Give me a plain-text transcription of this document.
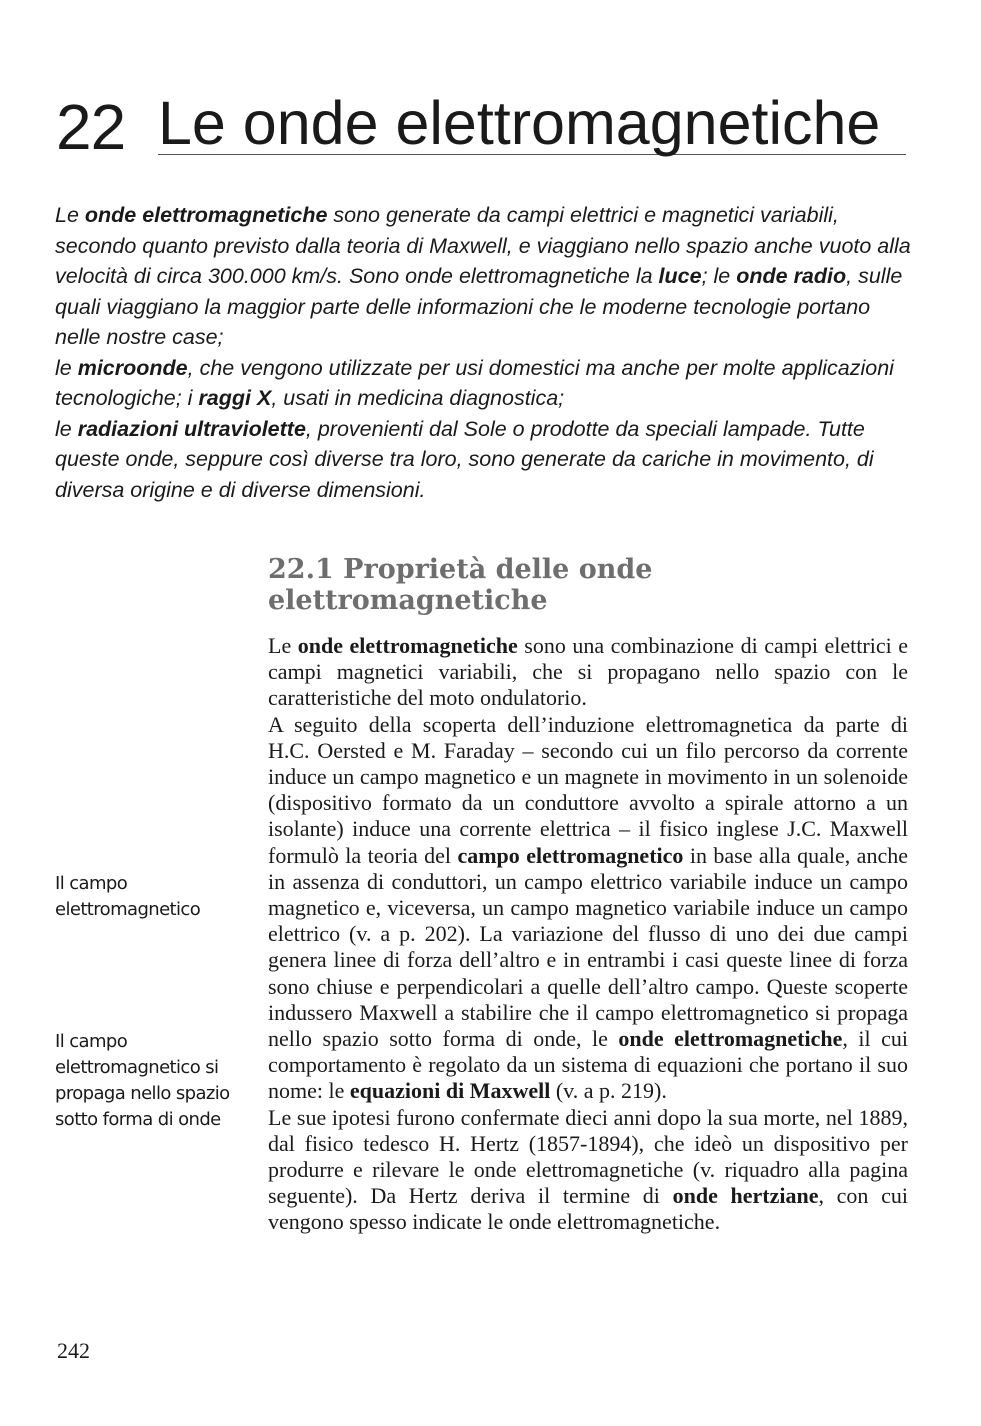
22 Le onde elettromagnetiche
Le onde elettromagnetiche sono generate da campi elettrici e magnetici variabili, secondo quanto previsto dalla teoria di Maxwell, e viaggiano nello spazio anche vuoto alla velocità di circa 300.000 km/s. Sono onde elettromagnetiche la luce; le onde radio, sulle quali viaggiano la maggior parte delle informazioni che le moderne tecnologie portano nelle nostre case;
le microonde, che vengono utilizzate per usi domestici ma anche per molte applicazioni tecnologiche; i raggi X, usati in medicina diagnostica;
le radiazioni ultraviolette, provenienti dal Sole o prodotte da speciali lampade. Tutte queste onde, seppure così diverse tra loro, sono generate da cariche in movimento, di diversa origine e di diverse dimensioni.
22.1 Proprietà delle onde
elettromagnetiche

Le onde elettromagnetiche sono una combinazione di campi elettrici e campi magnetici variabili, che si propagano nello spazio con le caratteristiche del moto ondulatorio.

A seguito della scoperta dell’induzione elettromagnetica da parte di H.C. Oersted e M. Faraday – secondo cui un filo percorso da corrente induce un campo magnetico e un magnete in movimento in un solenoide (dispositivo formato da un conduttore avvolto a spirale attorno a un isolante) induce una corrente elettrica – il fisico inglese J.C. Maxwell formulò la teoria del campo elettromagnetico in base alla quale, anche in assenza di conduttori, un campo elettrico variabile induce un campo magnetico e, viceversa, un campo magnetico variabile induce un campo elettrico (v. a p. 202). La variazione del flusso di uno dei due campi genera linee di forza dell’altro e in entrambi i casi queste linee di forza sono chiuse e perpendicolari a quelle dell’altro campo. Queste scoperte indussero Maxwell a stabilire che il campo elettromagnetico si propaga nello spazio sotto forma di onde, le onde elettromagnetiche, il cui comportamento è regolato da un sistema di equazioni che portano il suo nome: le equazioni di Maxwell (v. a p. 219).

Le sue ipotesi furono confermate dieci anni dopo la sua morte, nel 1889, dal fisico tedesco H. Hertz (1857-1894), che ideò un dispositivo per produrre e rilevare le onde elettromagnetiche (v. riquadro alla pagina seguente). Da Hertz deriva il termine di onde hertziane, con cui vengono spesso indicate le onde elettromagnetiche.

Il campo
elettromagnetico
Il campo
elettromagnetico si
propaga nello spazio
sotto forma di onde
242
